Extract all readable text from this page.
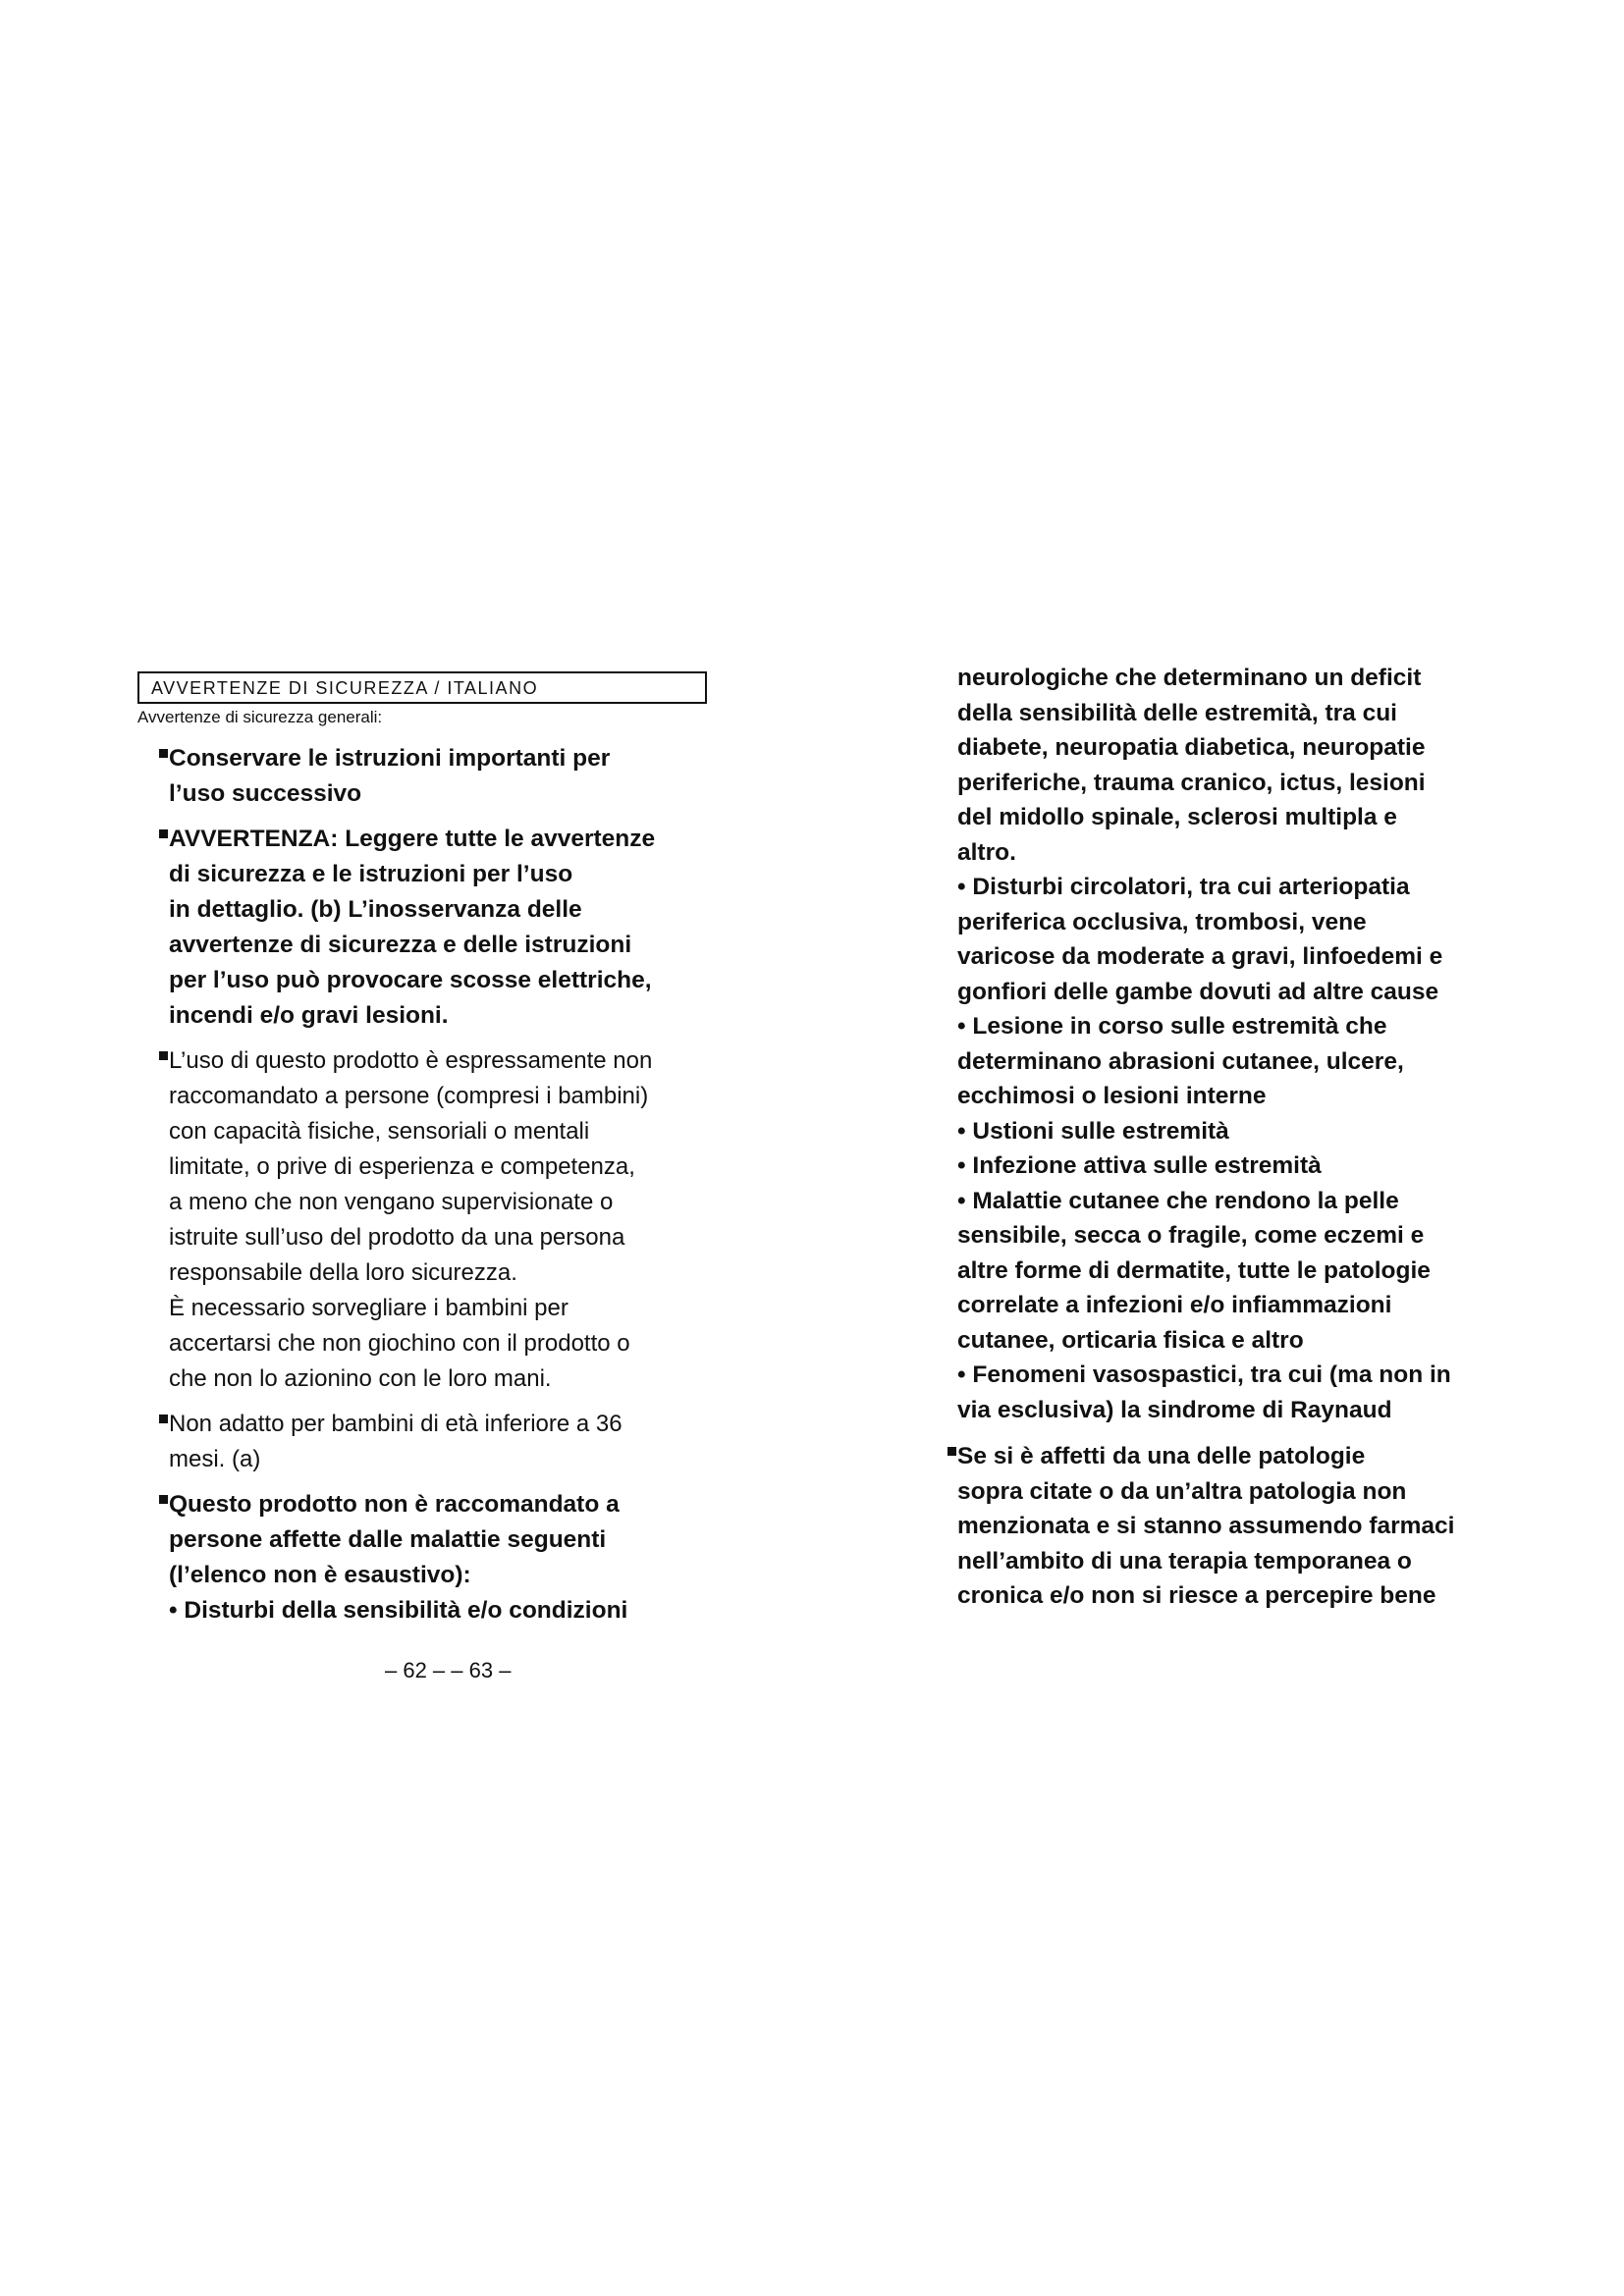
AVVERTENZE DI SICUREZZA / ITALIANO
Avvertenze di sicurezza generali:
Conservare le istruzioni importanti per
l’uso successivo
AVVERTENZA: Leggere tutte le avvertenze
di sicurezza e le istruzioni per l’uso
in dettaglio. (b) L’inosservanza delle
avvertenze di sicurezza e delle istruzioni
per l’uso può provocare scosse elettriche,
incendi e/o gravi lesioni.
L’uso di questo prodotto è espressamente non
raccomandato a persone (compresi i bambini)
con capacità fisiche, sensoriali o mentali
limitate, o prive di esperienza e competenza,
a meno che non vengano supervisionate o
istruite sull’uso del prodotto da una persona
responsabile della loro sicurezza.
È necessario sorvegliare i bambini per
accertarsi che non giochino con il prodotto o
che non lo azionino con le loro mani.
Non adatto per bambini di età inferiore a 36
mesi. (a)
Questo prodotto non è raccomandato a
persone affette dalle malattie seguenti
(l’elenco non è esaustivo):
• Disturbi della sensibilità e/o condizioni
neurologiche che determinano un deficit
della sensibilità delle estremità, tra cui
diabete, neuropatia diabetica, neuropatie
periferiche, trauma cranico, ictus, lesioni
del midollo spinale, sclerosi multipla e
altro.
• Disturbi circolatori, tra cui arteriopatia
periferica occlusiva, trombosi, vene
varicose da moderate a gravi, linfoedemi e
gonfiori delle gambe dovuti ad altre cause
• Lesione in corso sulle estremità che
determinano abrasioni cutanee, ulcere,
ecchimosi o lesioni interne
• Ustioni sulle estremità
• Infezione attiva sulle estremità
• Malattie cutanee che rendono la pelle
sensibile, secca o fragile, come eczemi e
altre forme di dermatite, tutte le patologie
correlate a infezioni e/o infiammazioni
cutanee, orticaria fisica e altro
• Fenomeni vasospastici, tra cui (ma non in
via esclusiva) la sindrome di Raynaud
Se si è affetti da una delle patologie
sopra citate o da un’altra patologia non
menzionata e si stanno assumendo farmaci
nell’ambito di una terapia temporanea o
cronica e/o non si riesce a percepire bene
– 62 – – 63 –
